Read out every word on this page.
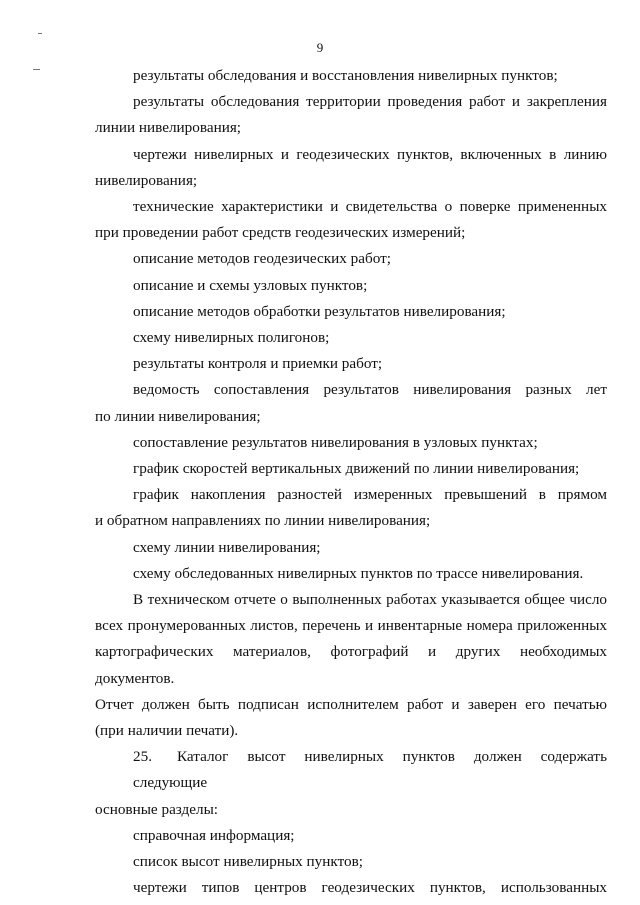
9
результаты обследования и восстановления нивелирных пунктов;
результаты обследования территории проведения работ и закрепления
линии нивелирования;
чертежи нивелирных и геодезических пунктов, включенных в линию
нивелирования;
технические характеристики и свидетельства о поверке примененных
при проведении работ средств геодезических измерений;
описание методов геодезических работ;
описание и схемы узловых пунктов;
описание методов обработки результатов нивелирования;
схему нивелирных полигонов;
результаты контроля и приемки работ;
ведомость сопоставления результатов нивелирования разных лет
по линии нивелирования;
сопоставление результатов нивелирования в узловых пунктах;
график скоростей вертикальных движений по линии нивелирования;
график накопления разностей измеренных превышений в прямом
и обратном направлениях по линии нивелирования;
схему линии нивелирования;
схему обследованных нивелирных пунктов по трассе нивелирования.
В техническом отчете о выполненных работах указывается общее число
всех пронумерованных листов, перечень и инвентарные номера приложенных
картографических материалов, фотографий и других необходимых документов.
Отчет должен быть подписан исполнителем работ и заверен его печатью
(при наличии печати).
25. Каталог высот нивелирных пунктов должен содержать следующие
основные разделы:
справочная информация;
список высот нивелирных пунктов;
чертежи типов центров геодезических пунктов, использованных
